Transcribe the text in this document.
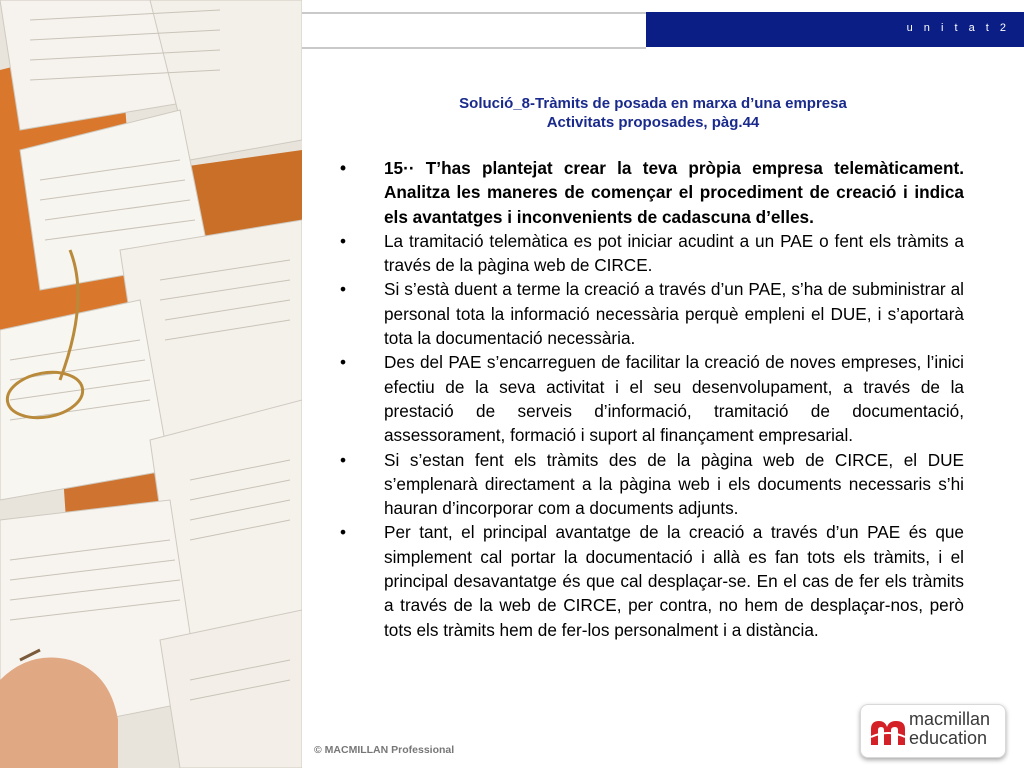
u n i t a t 2
Solució_8-Tràmits de posada en marxa d’una empresa
Activitats proposades, pàg.44
• 15·· T’has plantejat crear la teva pròpia empresa telemàticament. Analitza les maneres de començar el procediment de creació i indica els avantatges i inconvenients de cadascuna d’elles.
• La tramitació telemàtica es pot iniciar acudint a un PAE o fent els tràmits a través de la pàgina web de CIRCE.
• Si s’està duent a terme la creació a través d’un PAE, s’ha de subministrar al personal tota la informació necessària perquè empleni el DUE, i s’aportarà tota la documentació necessària.
• Des del PAE s’encarreguen de facilitar la creació de noves empreses, l’inici efectiu de la seva activitat i el seu desenvolupament, a través de la prestació de serveis d’informació, tramitació de documentació, assessorament, formació i suport al finançament empresarial.
• Si s’estan fent els tràmits des de la pàgina web de CIRCE, el DUE s’emplenarà directament a la pàgina web i els documents necessaris s’hi hauran d’incorporar com a documents adjunts.
• Per tant, el principal avantatge de la creació a través d’un PAE és que simplement cal portar la documentació i allà es fan tots els tràmits, i el principal desavantatge és que cal desplaçar-se. En el cas de fer els tràmits a través de la web de CIRCE, per contra, no hem de desplaçar-nos, però tots els tràmits hem de fer-los personalment i a distància.
© MACMILLAN Professional
macmillan
education
